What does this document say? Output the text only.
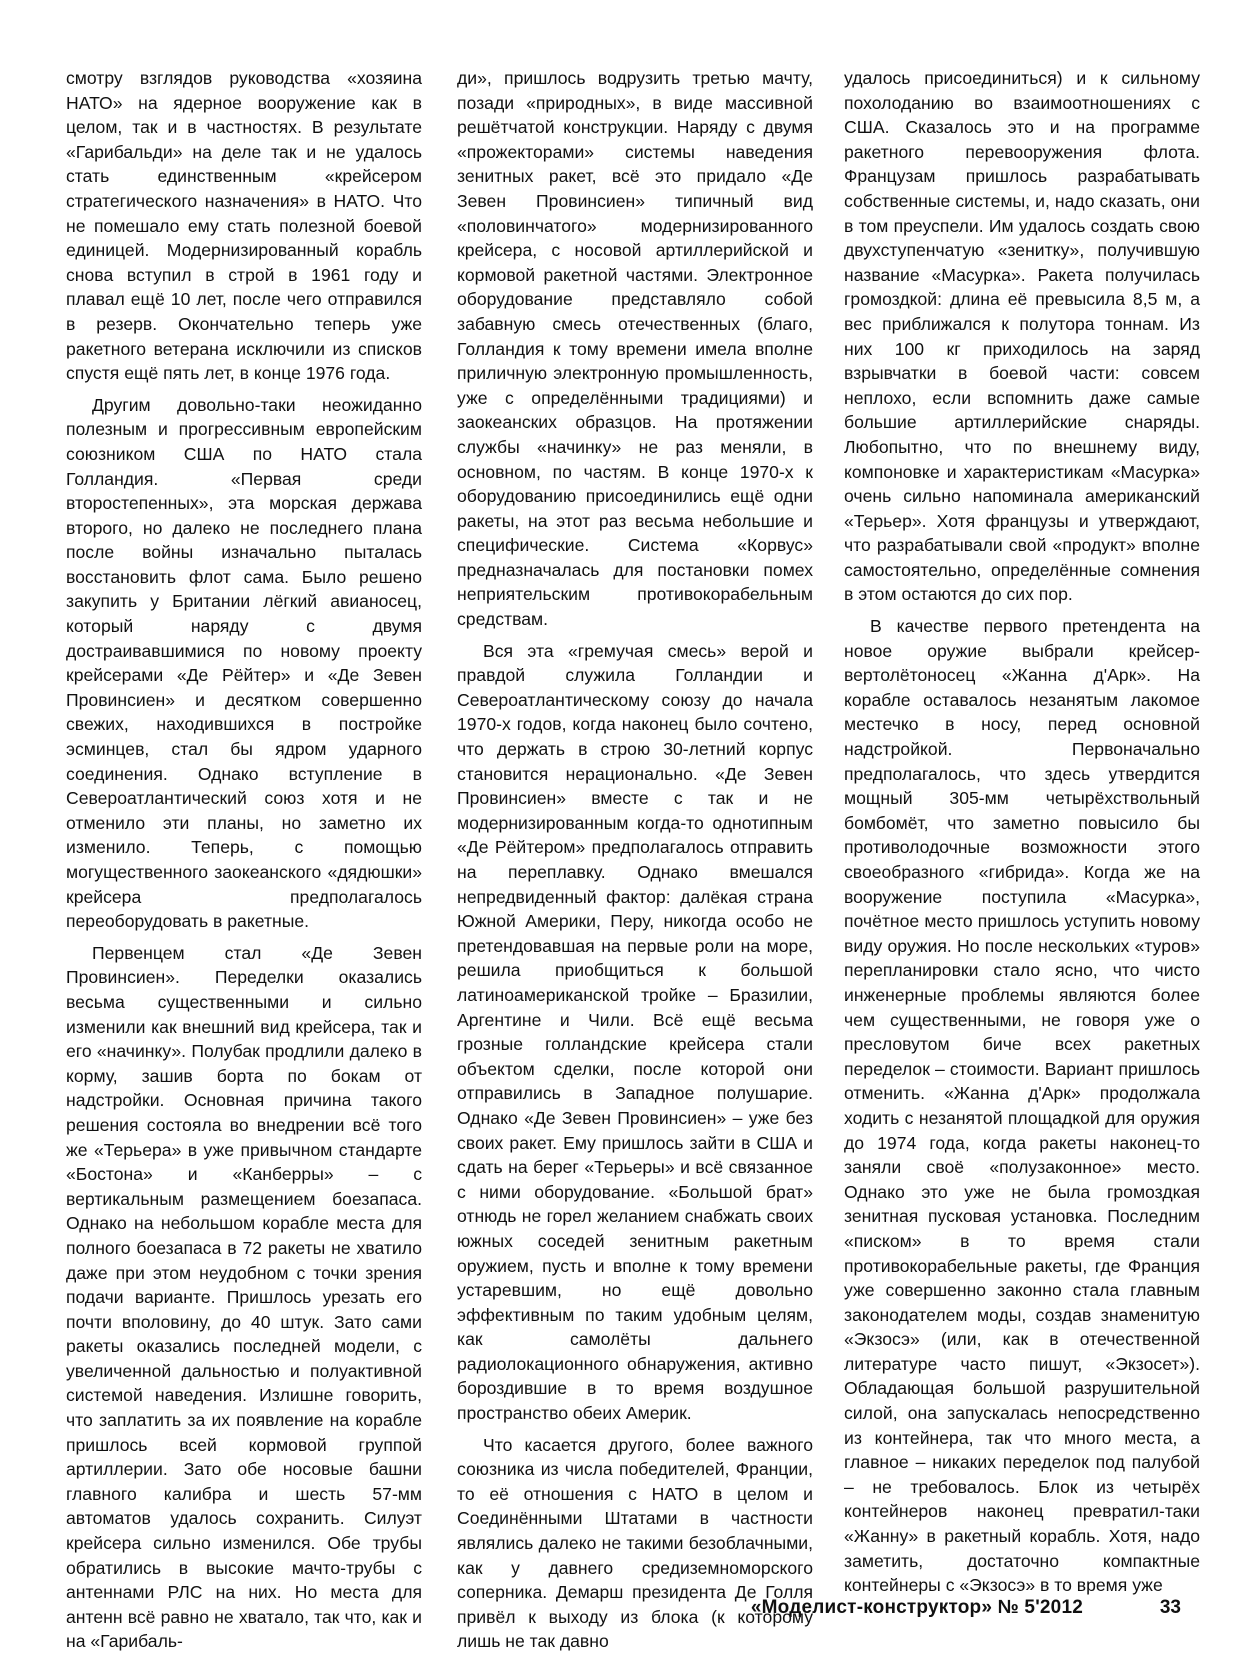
смотру взглядов руководства «хозяина НАТО» на ядерное вооружение как в целом, так и в частностях. В результате «Гарибальди» на деле так и не удалось стать единственным «крейсером стратегического назначения» в НАТО. Что не помешало ему стать полезной боевой единицей. Модернизированный корабль снова вступил в строй в 1961 году и плавал ещё 10 лет, после чего отправился в резерв. Окончательно теперь уже ракетного ветерана исключили из списков спустя ещё пять лет, в конце 1976 года.

Другим довольно-таки неожиданно полезным и прогрессивным европейским союзником США по НАТО стала Голландия. «Первая среди второстепенных», эта морская держава второго, но далеко не последнего плана после войны изначально пыталась восстановить флот сама. Было решено закупить у Британии лёгкий авианосец, который наряду с двумя достраивавшимися по новому проекту крейсерами «Де Рёйтер» и «Де Зевен Провинсиен» и десятком совершенно свежих, находившихся в постройке эсминцев, стал бы ядром ударного соединения. Однако вступление в Североатлантический союз хотя и не отменило эти планы, но заметно их изменило. Теперь, с помощью могущественного заокеанского «дядюшки» крейсера предполагалось переоборудовать в ракетные.

Первенцем стал «Де Зевен Провинсиен». Переделки оказались весьма существенными и сильно изменили как внешний вид крейсера, так и его «начинку». Полубак продлили далеко в корму, зашив борта по бокам от надстройки. Основная причина такого решения состояла во внедрении всё того же «Терьера» в уже привычном стандарте «Бостона» и «Канберры» – с вертикальным размещением боезапаса. Однако на небольшом корабле места для полного боезапаса в 72 ракеты не хватило даже при этом неудобном с точки зрения подачи варианте. Пришлось урезать его почти вполовину, до 40 штук. Зато сами ракеты оказались последней модели, с увеличенной дальностью и полуактивной системой наведения. Излишне говорить, что заплатить за их появление на корабле пришлось всей кормовой группой артиллерии. Зато обе носовые башни главного калибра и шесть 57-мм автоматов удалось сохранить. Силуэт крейсера сильно изменился. Обе трубы обратились в высокие мачто-трубы с антеннами РЛС на них. Но места для антенн всё равно не хватало, так что, как и на «Гарибаль-

ди», пришлось водрузить третью мачту, позади «природных», в виде массивной решётчатой конструкции. Наряду с двумя «прожекторами» системы наведения зенитных ракет, всё это придало «Де Зевен Провинсиен» типичный вид «половинчатого» модернизированного крейсера, с носовой артиллерийской и кормовой ракетной частями. Электронное оборудование представляло собой забавную смесь отечественных (благо, Голландия к тому времени имела вполне приличную электронную промышленность, уже с определёнными традициями) и заокеанских образцов. На протяжении службы «начинку» не раз меняли, в основном, по частям. В конце 1970-х к оборудованию присоединились ещё одни ракеты, на этот раз весьма небольшие и специфические. Система «Корвус» предназначалась для постановки помех неприятельским противокорабельным средствам.

Вся эта «гремучая смесь» верой и правдой служила Голландии и Североатлантическому союзу до начала 1970-х годов, когда наконец было сочтено, что держать в строю 30-летний корпус становится нерационально. «Де Зевен Провинсиен» вместе с так и не модернизированным когда-то однотипным «Де Рёйтером» предполагалось отправить на переплавку. Однако вмешался непредвиденный фактор: далёкая страна Южной Америки, Перу, никогда особо не претендовавшая на первые роли на море, решила приобщиться к большой латиноамериканской тройке – Бразилии, Аргентине и Чили. Всё ещё весьма грозные голландские крейсера стали объектом сделки, после которой они отправились в Западное полушарие. Однако «Де Зевен Провинсиен» – уже без своих ракет. Ему пришлось зайти в США и сдать на берег «Терьеры» и всё связанное с ними оборудование. «Большой брат» отнюдь не горел желанием снабжать своих южных соседей зенитным ракетным оружием, пусть и вполне к тому времени устаревшим, но ещё довольно эффективным по таким удобным целям, как самолёты дальнего радиолокационного обнаружения, активно бороздившие в то время воздушное пространство обеих Америк.

Что касается другого, более важного союзника из числа победителей, Франции, то её отношения с НАТО в целом и Соединёнными Штатами в частности являлись далеко не такими безоблачными, как у давнего средиземноморского соперника. Демарш президента Де Голля привёл к выходу из блока (к которому лишь не так давно

удалось присоединиться) и к сильному похолоданию во взаимоотношениях с США. Сказалось это и на программе ракетного перевооружения флота. Французам пришлось разрабатывать собственные системы, и, надо сказать, они в том преуспели. Им удалось создать свою двухступенчатую «зенитку», получившую название «Масурка». Ракета получилась громоздкой: длина её превысила 8,5 м, а вес приближался к полутора тоннам. Из них 100 кг приходилось на заряд взрывчатки в боевой части: совсем неплохо, если вспомнить даже самые большие артиллерийские снаряды. Любопытно, что по внешнему виду, компоновке и характеристикам «Масурка» очень сильно напоминала американский «Терьер». Хотя французы и утверждают, что разрабатывали свой «продукт» вполне самостоятельно, определённые сомнения в этом остаются до сих пор.

В качестве первого претендента на новое оружие выбрали крейсер-вертолётоносец «Жанна д'Арк». На корабле оставалось незанятым лакомое местечко в носу, перед основной надстройкой. Первоначально предполагалось, что здесь утвердится мощный 305-мм четырёхствольный бомбомёт, что заметно повысило бы противолодочные возможности этого своеобразного «гибрида». Когда же на вооружение поступила «Масурка», почётное место пришлось уступить новому виду оружия. Но после нескольких «туров» перепланировки стало ясно, что чисто инженерные проблемы являются более чем существенными, не говоря уже о пресловутом биче всех ракетных переделок – стоимости. Вариант пришлось отменить. «Жанна д'Арк» продолжала ходить с незанятой площадкой для оружия до 1974 года, когда ракеты наконец-то заняли своё «полузаконное» место. Однако это уже не была громоздкая зенитная пусковая установка. Последним «писком» в то время стали противокорабельные ракеты, где Франция уже совершенно законно стала главным законодателем моды, создав знаменитую «Экзосэ» (или, как в отечественной литературе часто пишут, «Экзосет»). Обладающая большой разрушительной силой, она запускалась непосредственно из контейнера, так что много места, а главное – никаких переделок под палубой – не требовалось. Блок из четырёх контейнеров наконец превратил-таки «Жанну» в ракетный корабль. Хотя, надо заметить, достаточно компактные контейнеры с «Экзосэ» в то время уже

«Моделист-конструктор» № 5'2012	33
